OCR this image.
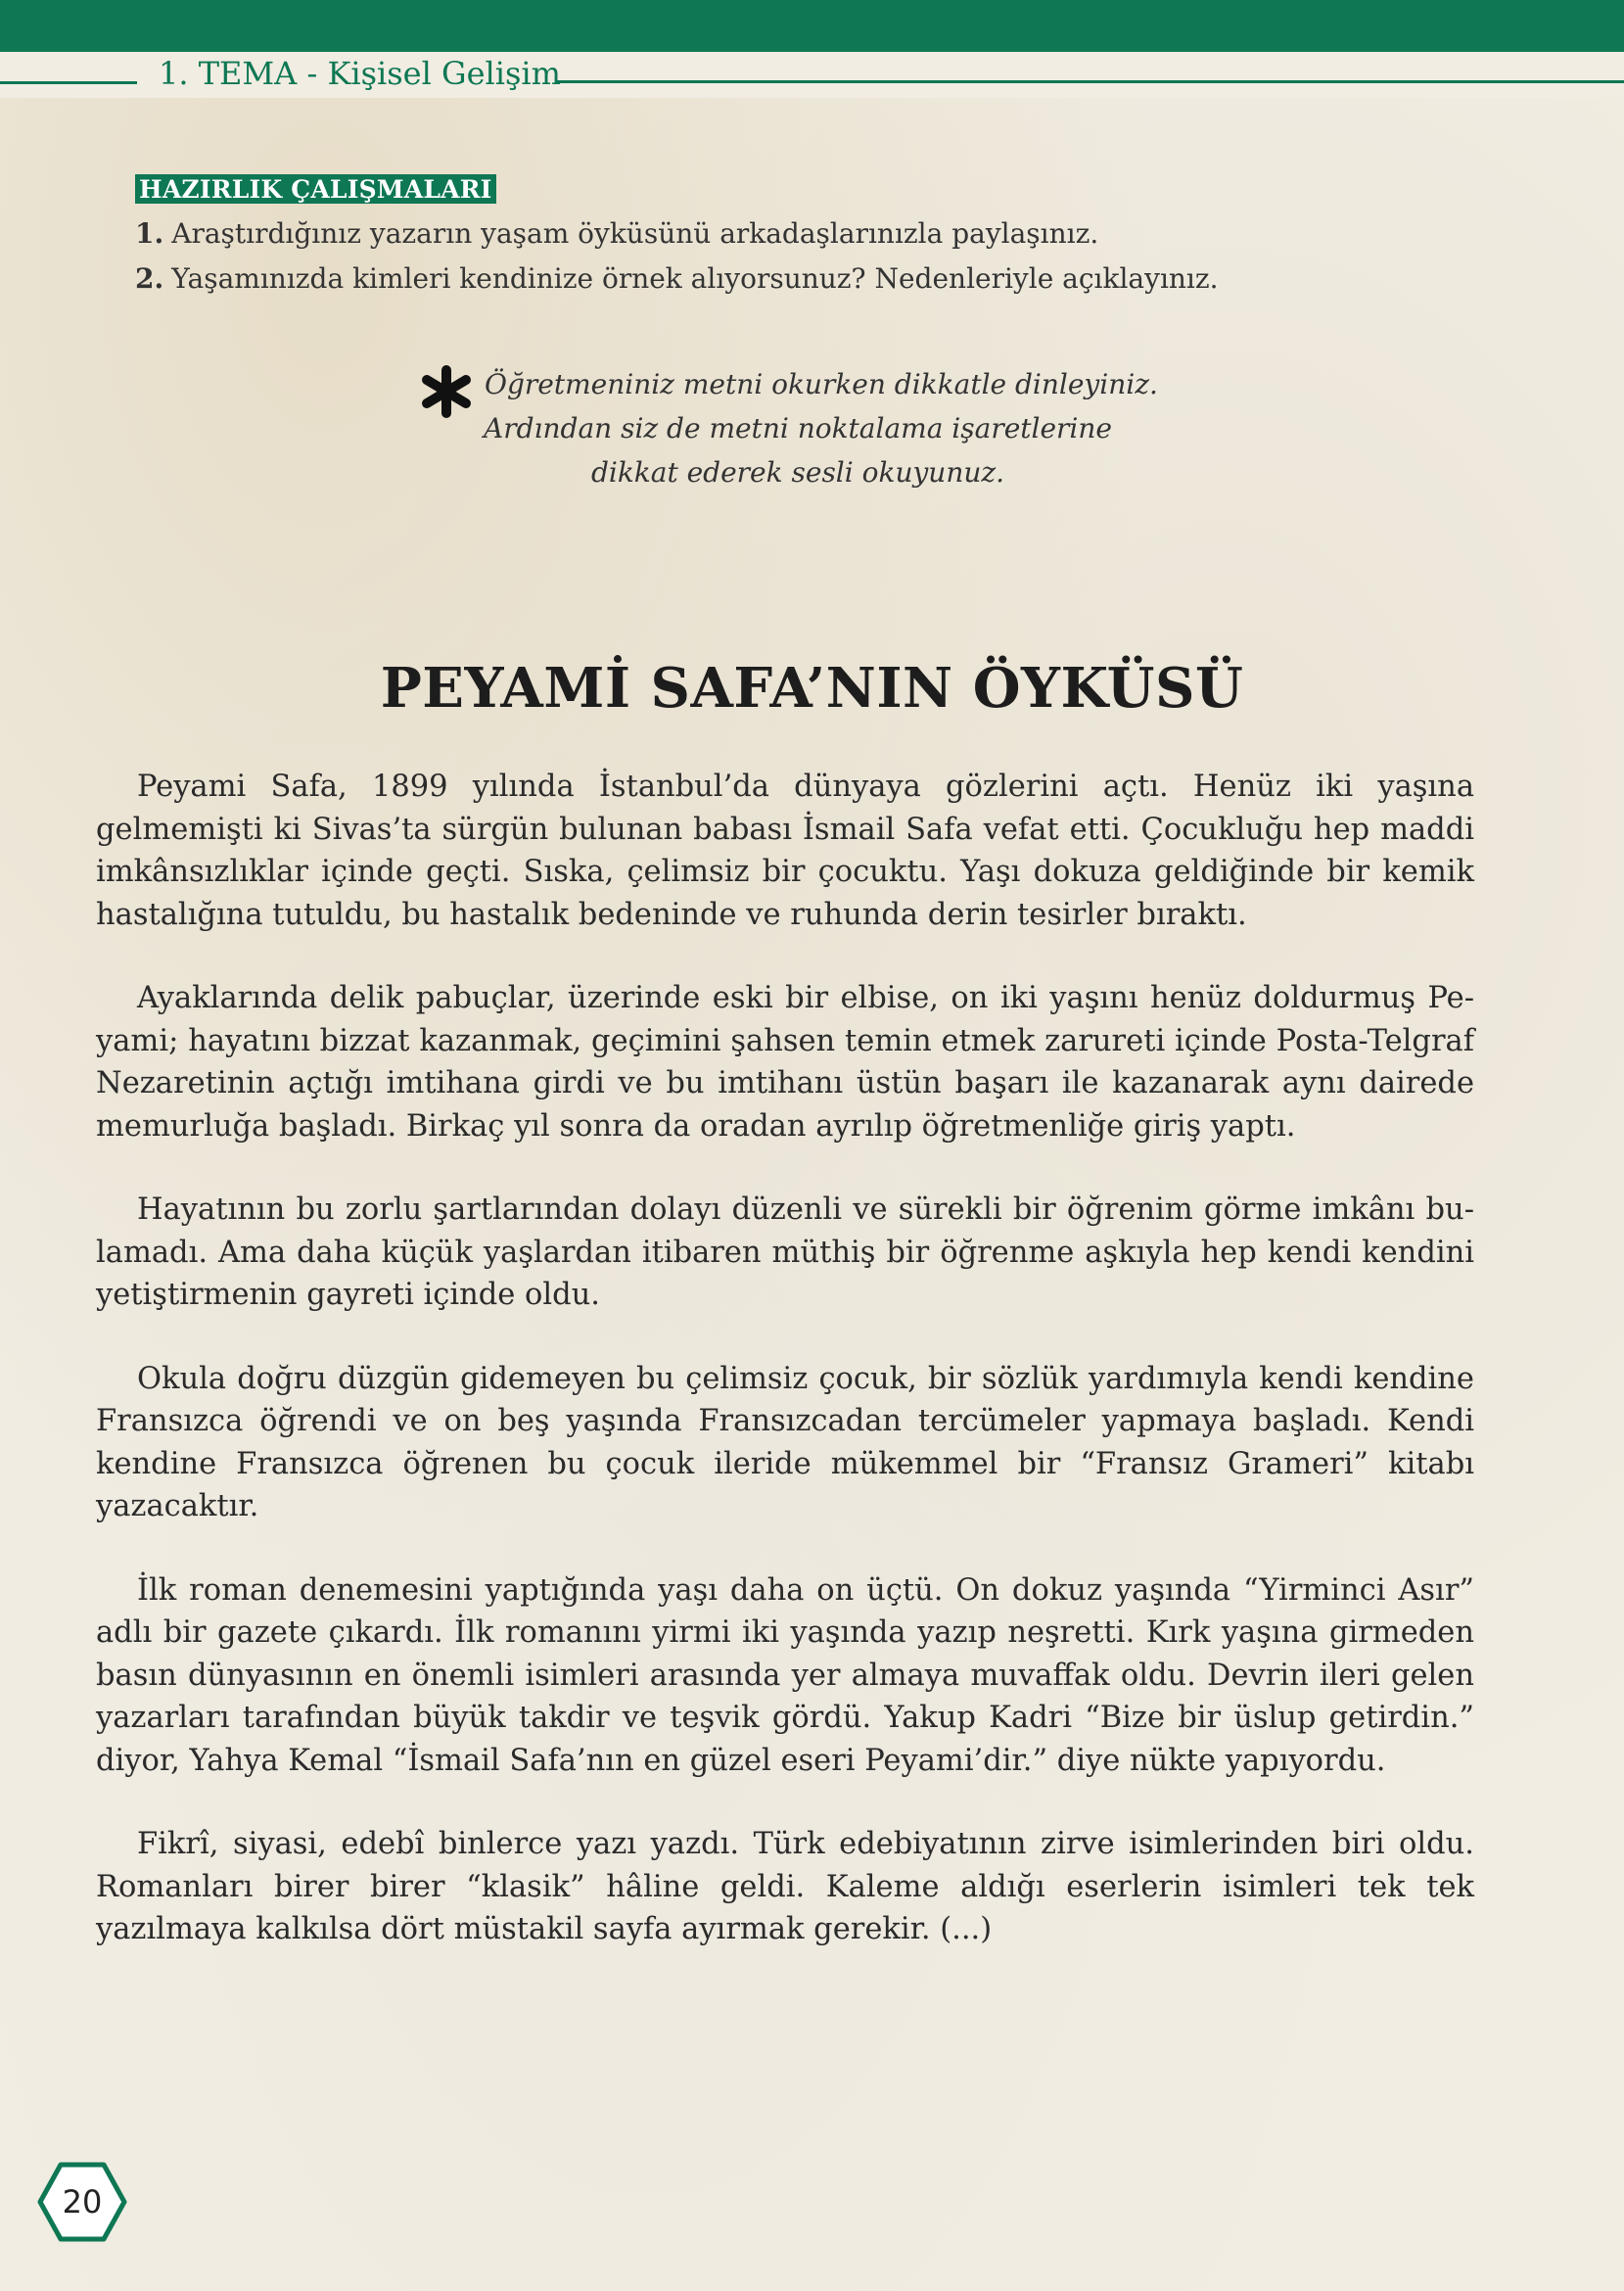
1. TEMA - Kişisel Gelişim
HAZIRLIK ÇALIŞMALARI
1. Araştırdığınız yazarın yaşam öyküsünü arkadaşlarınızla paylaşınız.
2. Yaşamınızda kimleri kendinize örnek alıyorsunuz? Nedenleriyle açıklayınız.
Öğretmeniniz metni okurken dikkatle dinleyiniz.
Ardından siz de metni noktalama işaretlerine
dikkat ederek sesli okuyunuz.
PEYAMİ SAFA’NIN ÖYKÜSÜ

Peyami Safa, 1899 yılında İstanbul’da dünyaya gözlerini açtı. Henüz iki yaşına gelmemişti ki Sivas’ta sürgün bulunan babası İsmail Safa vefat etti. Çocukluğu hep maddi imkânsızlıklar içinde geçti. Sıska, çelimsiz bir çocuktu. Yaşı dokuza geldiğinde bir kemik hastalığına tutuldu, bu hastalık bedeninde ve ruhunda derin tesirler bıraktı.

Ayaklarında delik pabuçlar, üzerinde eski bir elbise, on iki yaşını henüz doldurmuş Peyami; hayatını bizzat kazanmak, geçimini şahsen temin etmek zarureti içinde Posta-Telgraf Nezaretinin açtığı imtihana girdi ve bu imtihanı üstün başarı ile kazanarak aynı dairede memurluğa başladı. Birkaç yıl sonra da oradan ayrılıp öğretmenliğe giriş yaptı.

Hayatının bu zorlu şartlarından dolayı düzenli ve sürekli bir öğrenim görme imkânı bulamadı. Ama daha küçük yaşlardan itibaren müthiş bir öğrenme aşkıyla hep kendi kendini yetiştirmenin gayreti içinde oldu.

Okula doğru düzgün gidemeyen bu çelimsiz çocuk, bir sözlük yardımıyla kendi kendine Fransızca öğrendi ve on beş yaşında Fransızcadan tercümeler yapmaya başladı. Kendi kendine Fransızca öğrenen bu çocuk ileride mükemmel bir “Fransız Grameri” kitabı yazacaktır.

İlk roman denemesini yaptığında yaşı daha on üçtü. On dokuz yaşında “Yirminci Asır” adlı bir gazete çıkardı. İlk romanını yirmi iki yaşında yazıp neşretti. Kırk yaşına girmeden basın dünyasının en önemli isimleri arasında yer almaya muvaffak oldu. Devrin ileri gelen yazarları tarafından büyük takdir ve teşvik gördü. Yakup Kadri “Bize bir üslup getirdin.” diyor, Yahya Kemal “İsmail Safa’nın en güzel eseri Peyami’dir.” diye nükte yapıyordu.

Fikrî, siyasi, edebî binlerce yazı yazdı. Türk edebiyatının zirve isimlerinden biri oldu. Romanları birer birer “klasik” hâline geldi. Kaleme aldığı eserlerin isimleri tek tek yazılmaya kalkılsa dört müstakil sayfa ayırmak gerekir. (...)

20
